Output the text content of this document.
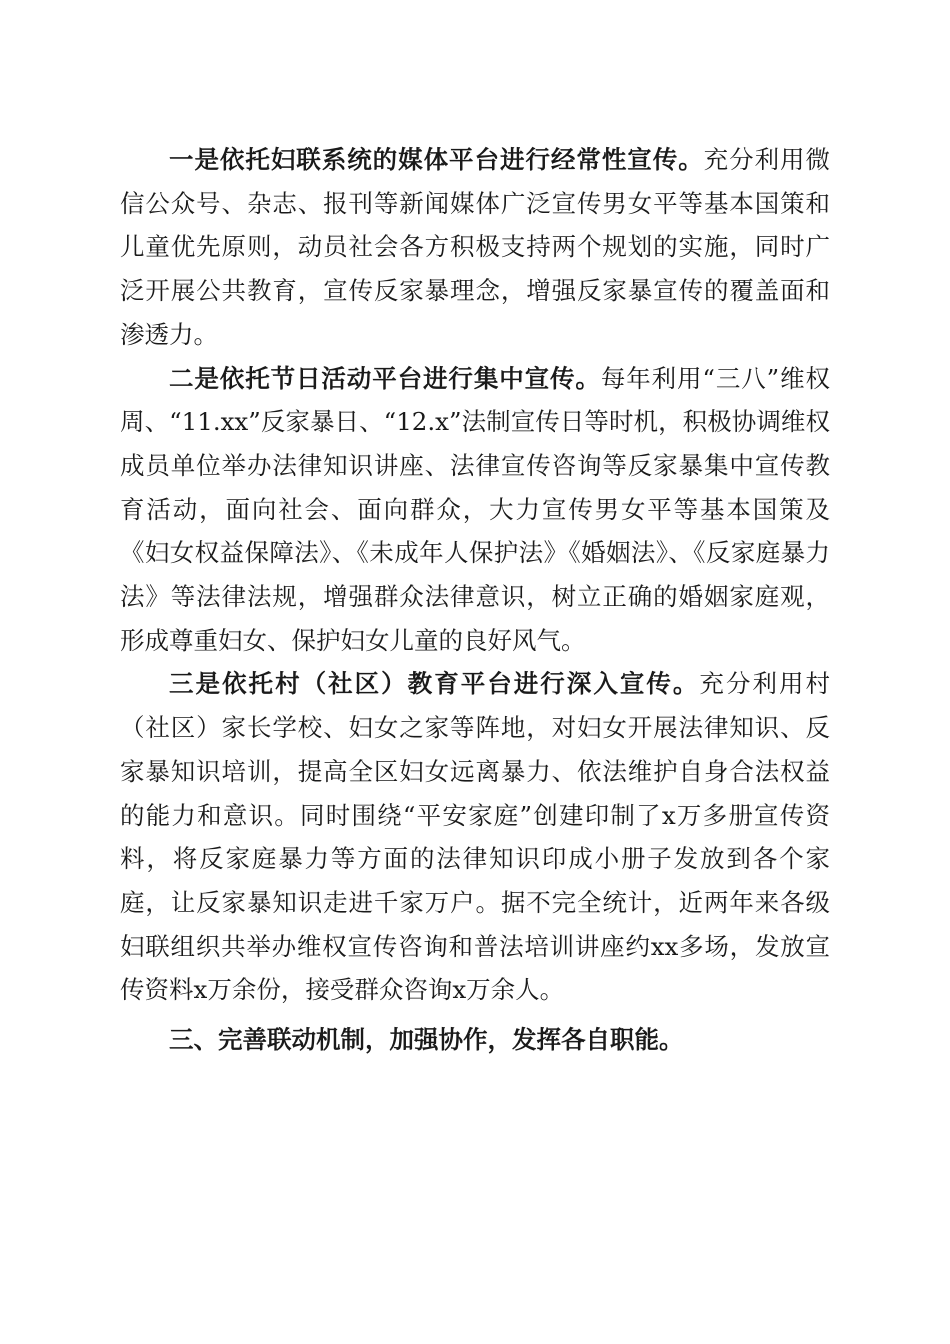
一是依托妇联系统的媒体平台进行经常性宣传。充分利用微信公众号、杂志、报刊等新闻媒体广泛宣传男女平等基本国策和儿童优先原则，动员社会各方积极支持两个规划的实施，同时广泛开展公共教育，宣传反家暴理念，增强反家暴宣传的覆盖面和渗透力。

二是依托节日活动平台进行集中宣传。每年利用“三八”维权周、“11.xx”反家暴日、“12.x”法制宣传日等时机，积极协调维权成员单位举办法律知识讲座、法律宣传咨询等反家暴集中宣传教育活动，面向社会、面向群众，大力宣传男女平等基本国策及《妇女权益保障法》、《未成年人保护法》《婚姻法》、《反家庭暴力法》等法律法规，增强群众法律意识，树立正确的婚姻家庭观，形成尊重妇女、保护妇女儿童的良好风气。

三是依托村（社区）教育平台进行深入宣传。充分利用村（社区）家长学校、妇女之家等阵地，对妇女开展法律知识、反家暴知识培训，提高全区妇女远离暴力、依法维护自身合法权益的能力和意识。同时围绕“平安家庭”创建印制了x万多册宣传资料，将反家庭暴力等方面的法律知识印成小册子发放到各个家庭，让反家暴知识走进千家万户。据不完全统计，近两年来各级妇联组织共举办维权宣传咨询和普法培训讲座约xx多场，发放宣传资料x万余份，接受群众咨询x万余人。

三、完善联动机制，加强协作，发挥各自职能。
